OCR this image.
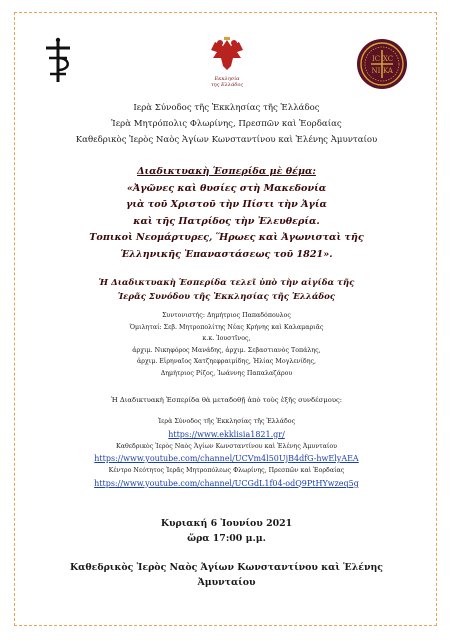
Εκκλησία
της Ελλάδος
IC XC
NI KA
Ιερὰ Σύνοδος τῆς Ἐκκλησίας τῆς Ἑλλάδος
Ἱερὰ Μητρόπολις Φλωρίνης, Πρεσπῶν καὶ Ἐορδαίας
Καθεδρικὸς Ἱερὸς Ναὸς Ἁγίων Κωνσταντίνου καὶ Ἑλένης Ἀμυνταίου
Διαδικτυακὴ Ἑσπερίδα μὲ θέμα:
«Ἀγῶνες καὶ θυσίες στὴ Μακεδονία
γιὰ τοῦ Χριστοῦ τὴν Πίστι τὴν Ἁγία
καὶ τῆς Πατρίδος τὴν Ἐλευθερία.
Τοπικοὶ Νεομάρτυρες, Ἥρωες καὶ Ἀγωνισταὶ τῆς
Ἑλληνικῆς Ἐπαναστάσεως τοῦ 1821».
Ἡ Διαδικτυακὴ Ἑσπερίδα τελεῖ ὑπὸ τὴν αἰγίδα τῆς
Ἱερᾶς Συνόδου τῆς Ἐκκλησίας τῆς Ἑλλάδος
Συντονιστής: Δημήτριος Παπαδόπουλος
Ὁμιληταί: Σεβ. Μητροπολίτης Νέας Κρήνης καὶ Καλαμαριᾶς
κ.κ. Ἰουστῖνος,
ἀρχιμ. Νικηφόρος Μανάδης, ἀρχιμ. Σεβαστιανὸς Τοπάλης,
ἀρχιμ. Εἰρηναῖος Χατζηεφραιμίδης, Ἠλίας Μογλενίδης,
Δημήτριος Ρίζος, Ἰωάννης Παπαλαζάρου
Ἡ Διαδικτυακὴ Ἑσπερίδα θὰ μεταδοθῇ ἀπὸ τοὺς ἑξῆς συνδέσμους:
Ἱερὰ Σύνοδος τῆς Ἐκκλησίας τῆς Ἑλλάδος
https://www.ekklisia1821.gr/
Καθεδρικὸς Ἱερὸς Ναὸς Ἁγίων Κωνσταντίνου καὶ Ἑλένης Ἀμυνταίου
https://www.youtube.com/channel/UCVm4l50UjB4dfG-hwElyAEA
Κέντρο Νεότητος Ἱερᾶς Μητροπόλεως Φλωρίνης, Πρεσπῶν καὶ Ἐορδαίας
https://www.youtube.com/channel/UCGdL1f04-odQ9PtHYwzeq5g
Κυριακή 6 Ἰουνίου 2021
ὥρα 17:00 μ.μ.
Καθεδρικὸς Ἱερὸς Ναὸς Ἁγίων Κωνσταντίνου καὶ Ἑλένης
Ἀμυνταίου
